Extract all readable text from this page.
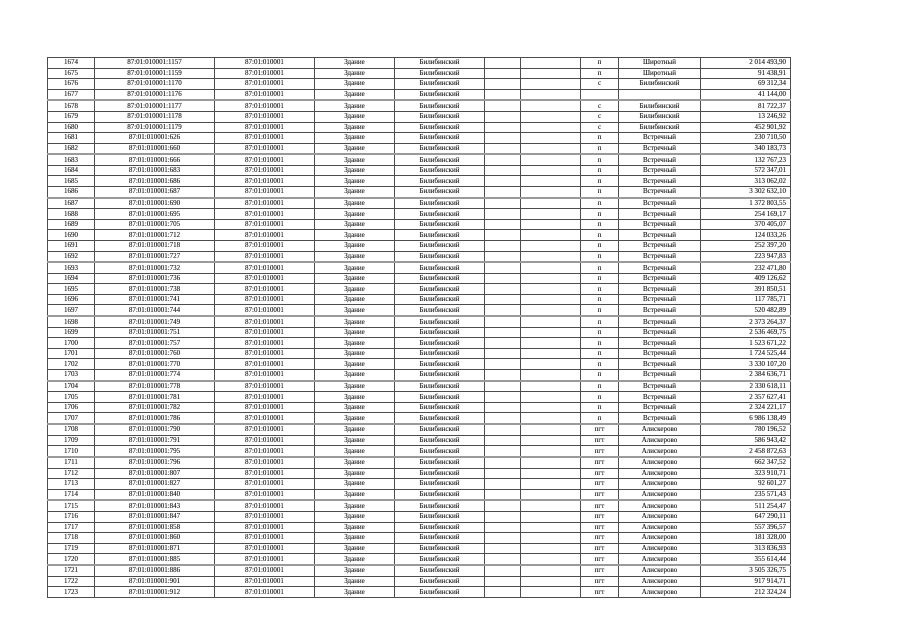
1674	87:01:010001:1157	87:01:010001	Здание	Билибинский			п	Широтный	2 014 493,90
1675	87:01:010001:1159	87:01:010001	Здание	Билибинский			п	Широтный	91 438,91
1676	87:01:010001:1170	87:01:010001	Здание	Билибинский			с	Билибинский	69 312,34
1677	87:01:010001:1176	87:01:010001	Здание	Билибинский					41 144,00
1678	87:01:010001:1177	87:01:010001	Здание	Билибинский			с	Билибинский	81 722,37
1679	87:01:010001:1178	87:01:010001	Здание	Билибинский			с	Билибинский	13 246,92
1680	87:01:010001:1179	87:01:010001	Здание	Билибинский			с	Билибинский	452 901,92
1681	87:01:010001:626	87:01:010001	Здание	Билибинский			п	Встречный	230 710,50
1682	87:01:010001:660	87:01:010001	Здание	Билибинский			п	Встречный	340 183,73
1683	87:01:010001:666	87:01:010001	Здание	Билибинский			п	Встречный	132 767,23
1684	87:01:010001:683	87:01:010001	Здание	Билибинский			п	Встречный	572 347,01
1685	87:01:010001:686	87:01:010001	Здание	Билибинский			п	Встречный	313 062,02
1686	87:01:010001:687	87:01:010001	Здание	Билибинский			п	Встречный	3 302 632,10
1687	87:01:010001:690	87:01:010001	Здание	Билибинский			п	Встречный	1 372 803,55
1688	87:01:010001:695	87:01:010001	Здание	Билибинский			п	Встречный	254 169,17
1689	87:01:010001:705	87:01:010001	Здание	Билибинский			п	Встречный	370 405,07
1690	87:01:010001:712	87:01:010001	Здание	Билибинский			п	Встречный	124 033,26
1691	87:01:010001:718	87:01:010001	Здание	Билибинский			п	Встречный	252 397,20
1692	87:01:010001:727	87:01:010001	Здание	Билибинский			п	Встречный	223 947,83
1693	87:01:010001:732	87:01:010001	Здание	Билибинский			п	Встречный	232 471,80
1694	87:01:010001:736	87:01:010001	Здание	Билибинский			п	Встречный	409 126,62
1695	87:01:010001:738	87:01:010001	Здание	Билибинский			п	Встречный	391 850,51
1696	87:01:010001:741	87:01:010001	Здание	Билибинский			п	Встречный	117 785,71
1697	87:01:010001:744	87:01:010001	Здание	Билибинский			п	Встречный	520 482,89
1698	87:01:010001:749	87:01:010001	Здание	Билибинский			п	Встречный	2 373 264,37
1699	87:01:010001:751	87:01:010001	Здание	Билибинский			п	Встречный	2 536 469,75
1700	87:01:010001:757	87:01:010001	Здание	Билибинский			п	Встречный	1 523 671,22
1701	87:01:010001:760	87:01:010001	Здание	Билибинский			п	Встречный	1 724 525,44
1702	87:01:010001:770	87:01:010001	Здание	Билибинский			п	Встречный	3 330 107,20
1703	87:01:010001:774	87:01:010001	Здание	Билибинский			п	Встречный	2 384 636,71
1704	87:01:010001:778	87:01:010001	Здание	Билибинский			п	Встречный	2 330 618,11
1705	87:01:010001:781	87:01:010001	Здание	Билибинский			п	Встречный	2 357 627,41
1706	87:01:010001:782	87:01:010001	Здание	Билибинский			п	Встречный	2 324 221,17
1707	87:01:010001:786	87:01:010001	Здание	Билибинский			п	Встречный	6 986 138,49
1708	87:01:010001:790	87:01:010001	Здание	Билибинский			пгт	Алискерово	780 196,52
1709	87:01:010001:791	87:01:010001	Здание	Билибинский			пгт	Алискерово	586 943,42
1710	87:01:010001:795	87:01:010001	Здание	Билибинский			пгт	Алискерово	2 458 872,63
1711	87:01:010001:796	87:01:010001	Здание	Билибинский			пгт	Алискерово	662 347,52
1712	87:01:010001:807	87:01:010001	Здание	Билибинский			пгт	Алискерово	323 910,71
1713	87:01:010001:827	87:01:010001	Здание	Билибинский			пгт	Алискерово	92 601,27
1714	87:01:010001:840	87:01:010001	Здание	Билибинский			пгт	Алискерово	235 571,43
1715	87:01:010001:843	87:01:010001	Здание	Билибинский			пгт	Алискерово	511 254,47
1716	87:01:010001:847	87:01:010001	Здание	Билибинский			пгт	Алискерово	647 290,11
1717	87:01:010001:858	87:01:010001	Здание	Билибинский			пгт	Алискерово	557 396,57
1718	87:01:010001:860	87:01:010001	Здание	Билибинский			пгт	Алискерово	181 328,00
1719	87:01:010001:871	87:01:010001	Здание	Билибинский			пгт	Алискерово	313 836,93
1720	87:01:010001:885	87:01:010001	Здание	Билибинский			пгт	Алискерово	355 614,44
1721	87:01:010001:886	87:01:010001	Здание	Билибинский			пгт	Алискерово	3 505 326,75
1722	87:01:010001:901	87:01:010001	Здание	Билибинский			пгт	Алискерово	917 914,71
1723	87:01:010001:912	87:01:010001	Здание	Билибинский			пгт	Алискерово	212 324,24
